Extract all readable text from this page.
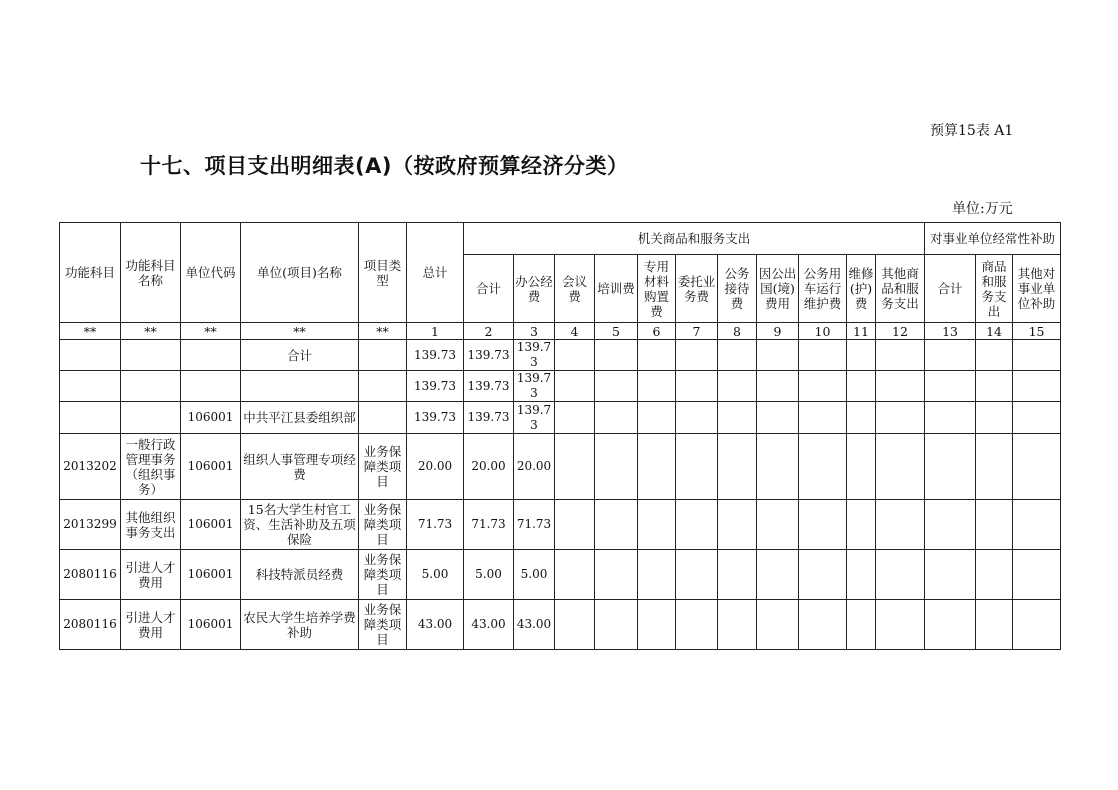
预算15表 A1
十七、项目支出明细表(A)（按政府预算经济分类）
单位:万元
功能科目	功能科目名称	单位代码	单位(项目)名称	项目类型	总计	机关商品和服务支出											对事业单位经常性补助		
						合计	办公经费	会议费	培训费	专用材料购置费	委托业务费	公务接待费	因公出国(境)费用	公务用车运行维护费	维修(护)费	其他商品和服务支出	合计	商品和服务支出	其他对事业单位补助
**	**	**	**	**	1	2	3	4	5	6	7	8	9	10	11	12	13	14	15
			合计		139.73	139.73	139.73												
					139.73	139.73	139.73												
		106001	中共平江县委组织部		139.73	139.73	139.73												
2013202	一般行政管理事务（组织事务）	106001	组织人事管理专项经费	业务保障类项目	20.00	20.00	20.00												
2013299	其他组织事务支出	106001	15名大学生村官工资、生活补助及五项保险	业务保障类项目	71.73	71.73	71.73												
2080116	引进人才费用	106001	科技特派员经费	业务保障类项目	5.00	5.00	5.00												
2080116	引进人才费用	106001	农民大学生培养学费补助	业务保障类项目	43.00	43.00	43.00												
